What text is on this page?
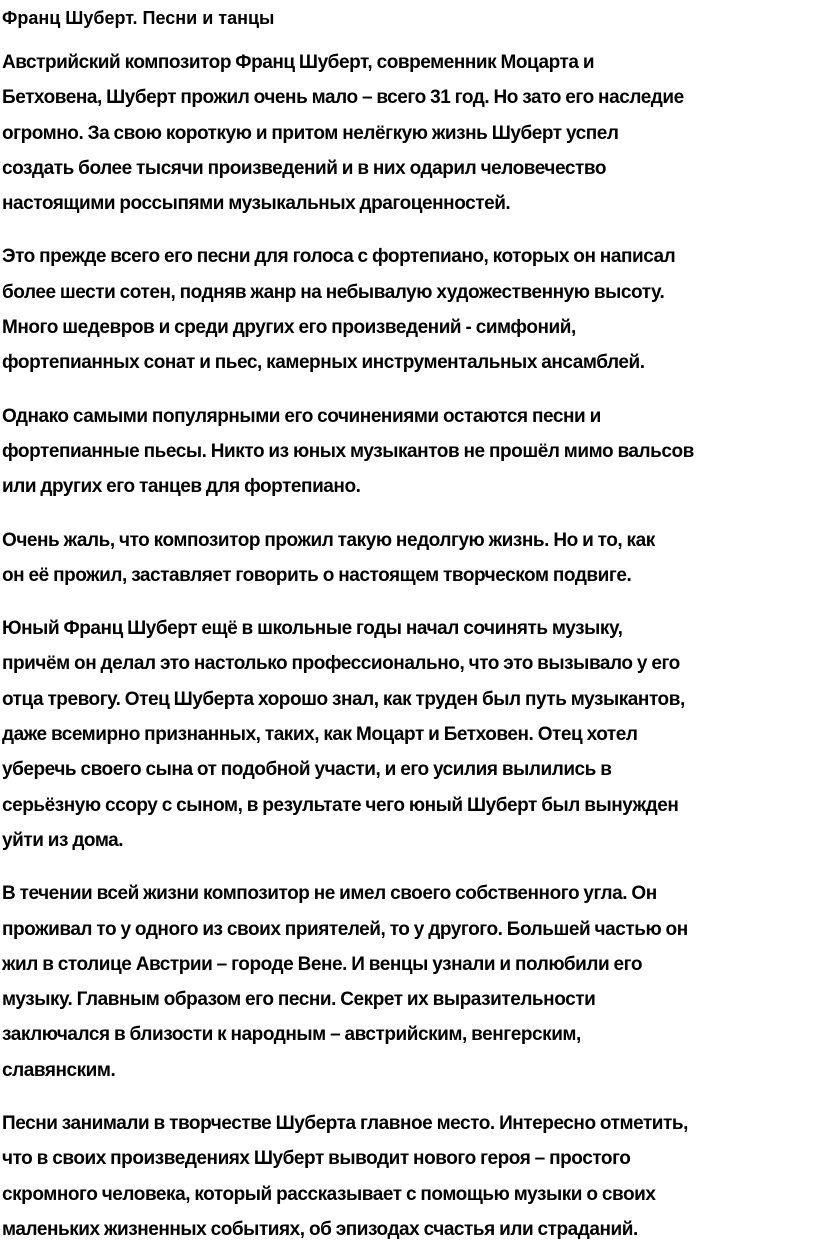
Франц Шуберт. Песни и танцы
Австрийский композитор Франц Шуберт, современник Моцарта и
Бетховена, Шуберт прожил очень мало – всего 31 год. Но зато его наследие
огромно. За свою короткую и притом нелёгкую жизнь Шуберт успел
создать более тысячи произведений и в них одарил человечество
настоящими россыпями музыкальных драгоценностей.
Это прежде всего его песни для голоса с фортепиано, которых он написал
более шести сотен, подняв жанр на небывалую художественную высоту.
Много шедевров и среди других его произведений - симфоний,
фортепианных сонат и пьес, камерных инструментальных ансамблей.
Однако самыми популярными его сочинениями остаются песни и
фортепианные пьесы. Никто из юных музыкантов не прошёл мимо вальсов
или других его танцев для фортепиано.
Очень жаль, что композитор прожил такую недолгую жизнь. Но и то, как
он её прожил, заставляет говорить о настоящем творческом подвиге.
Юный Франц Шуберт ещё в школьные годы начал сочинять музыку,
причём он делал это настолько профессионально, что это вызывало у его
отца тревогу. Отец Шуберта хорошо знал, как труден был путь музыкантов,
даже всемирно признанных, таких, как Моцарт и Бетховен. Отец хотел
уберечь своего сына от подобной участи, и его усилия вылились в
серьёзную ссору с сыном, в результате чего юный Шуберт был вынужден
уйти из дома.
В течении всей жизни композитор не имел своего собственного угла. Он
проживал то у одного из своих приятелей, то у другого. Большей частью он
жил в столице Австрии – городе Вене. И венцы узнали и полюбили его
музыку. Главным образом его песни. Секрет их выразительности
заключался в близости к народным – австрийским, венгерским,
славянским.
Песни занимали в творчестве Шуберта главное место. Интересно отметить,
что в своих произведениях Шуберт выводит нового героя – простого
скромного человека, который рассказывает с помощью музыки о своих
маленьких жизненных событиях, об эпизодах счастья или страданий.
